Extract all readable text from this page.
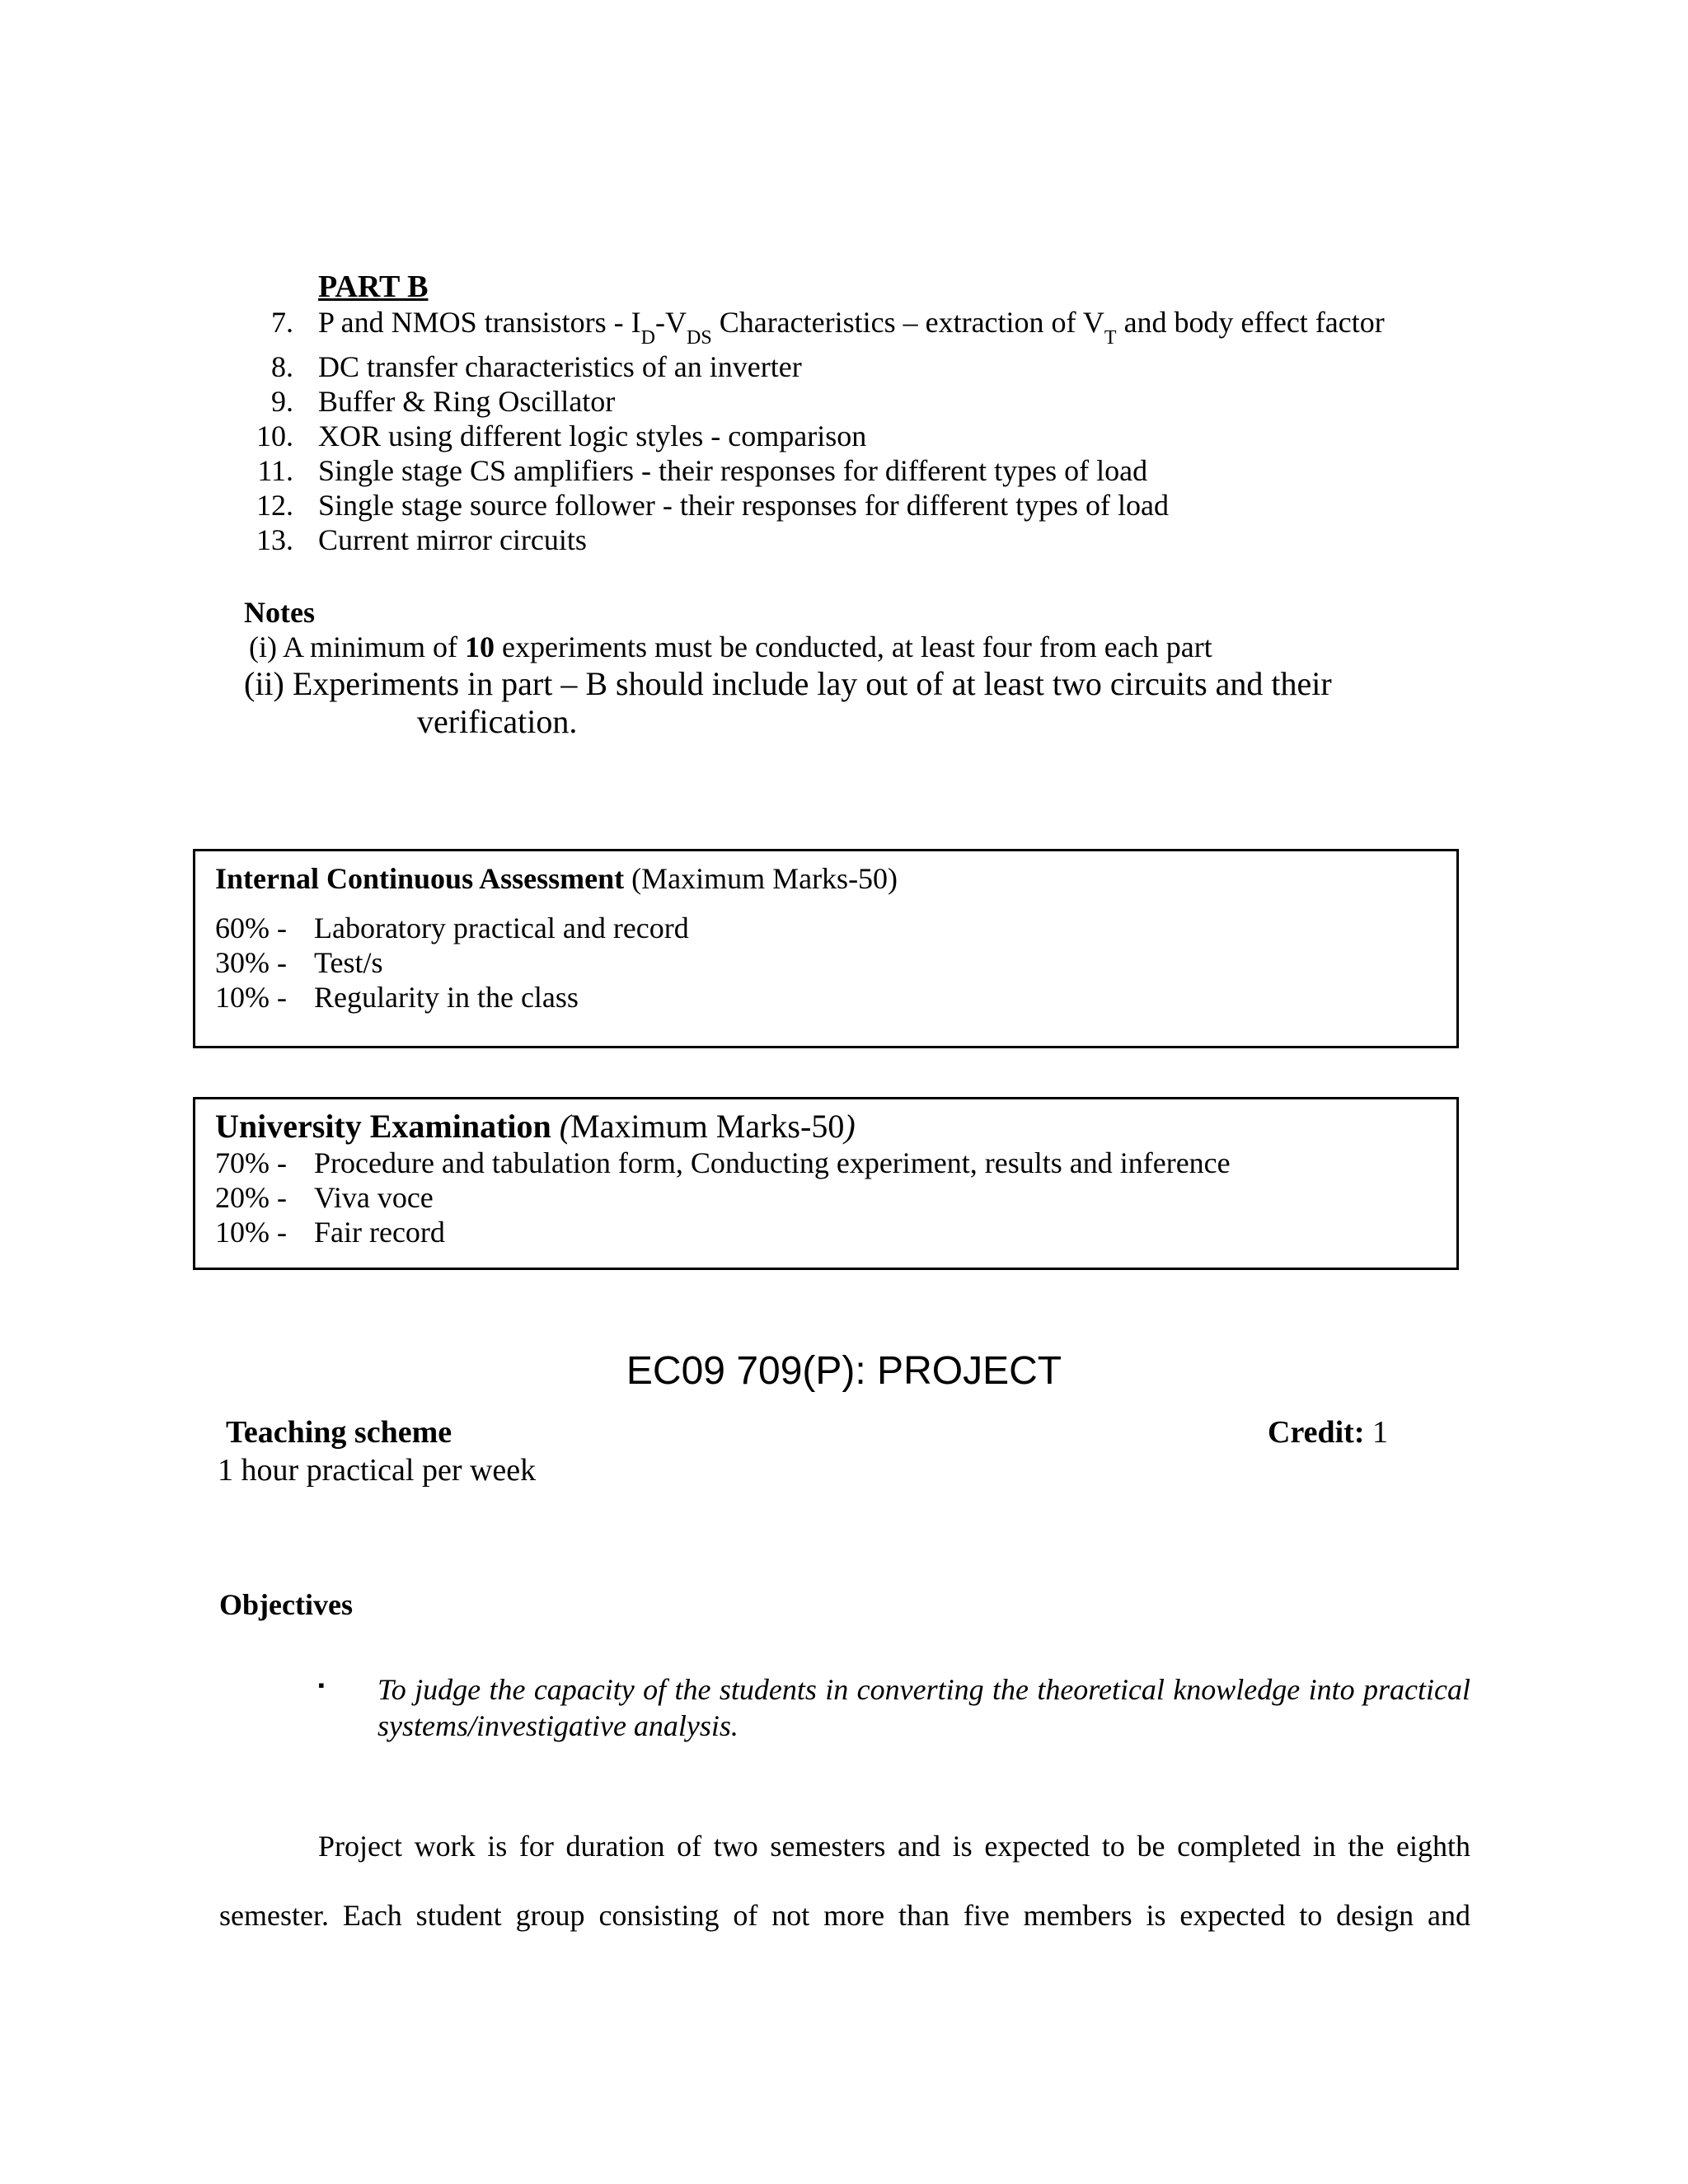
PART B
7. P and NMOS transistors - $I_D-V_{DS}$ Characteristics – extraction of $V_T$ and body effect factor
8. DC transfer characteristics of an inverter
9. Buffer & Ring Oscillator
10. XOR using different logic styles - comparison
11. Single stage CS amplifiers - their responses for different types of load
12. Single stage source follower - their responses for different types of load
13. Current mirror circuits
Notes
(i) A minimum of 10 experiments must be conducted, at least four from each part
(ii) Experiments in part – B should include lay out of at least two circuits and their
verification.
Internal Continuous Assessment (Maximum Marks-50)
60% - Laboratory practical and record
30% - Test/s
10% - Regularity in the class
University Examination (Maximum Marks-50)
70% - Procedure and tabulation form, Conducting experiment, results and inference
20% - Viva voce
10% - Fair record
EC09 709(P): PROJECT
Teaching scheme	Credit: 1
1 hour practical per week
Objectives
▪ To judge the capacity of the students in converting the theoretical knowledge into practical systems/investigative analysis.
Project work is for duration of two semesters and is expected to be completed in the eighth
semester. Each student group consisting of not more than five members is expected to design and
